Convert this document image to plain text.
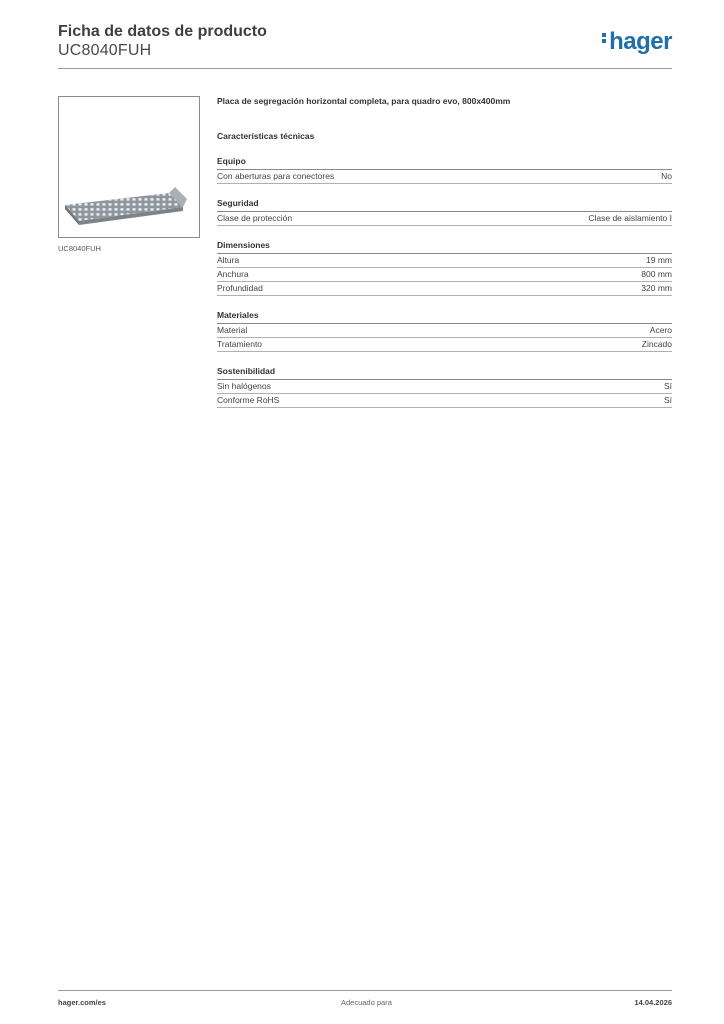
Ficha de datos de producto
UC8040FUH	hager
UC8040FUH
Placa de segregación horizontal completa, para quadro evo, 800x400mm
Características técnicas
Equipo
Con aberturas para conectores	No
Seguridad
Clase de protección	Clase de aislamiento I
Dimensiones
Altura	19 mm
Anchura	800 mm
Profundidad	320 mm
Materiales
Material	Acero
Tratamiento	Zincado
Sostenibilidad
Sin halógenos	Sí
Conforme RoHS	Sí
hager.com/es	Adecuado para	14.04.2026
